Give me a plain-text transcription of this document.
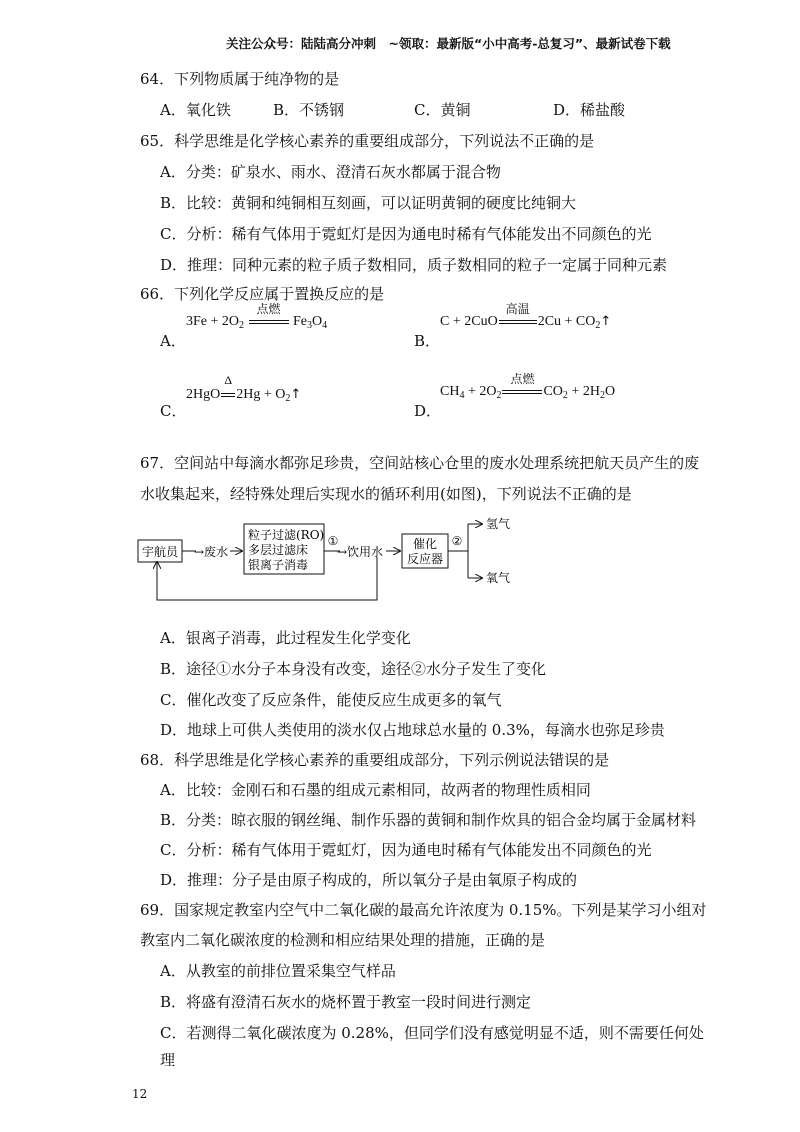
关注公众号：陆陆高分冲刺　~领取：最新版“小中高考-总复习”、最新试卷下载
64．下列物质属于纯净物的是
A．氧化铁	B．不锈钢	C．黄铜	D．稀盐酸
65．科学思维是化学核心素养的重要组成部分，下列说法不正确的是
A．分类：矿泉水、雨水、澄清石灰水都属于混合物
B．比较：黄铜和纯铜相互刻画，可以证明黄铜的硬度比纯铜大
C．分析：稀有气体用于霓虹灯是因为通电时稀有气体能发出不同颜色的光
D．推理：同种元素的粒子质子数相同，质子数相同的粒子一定属于同种元素
66．下列化学反应属于置换反应的是
A．
$3Fe + 2O_2$
点燃
$Fe_3O_4$
B．
C + 2CuO
高温
$2Cu + CO_2↑$
C．
2HgO
Δ
$2Hg + O_2↑$
D．
$CH_4 + 2O_2$
点燃
$CO_2 + 2H_2O$
67．空间站中每滴水都弥足珍贵，空间站核心仓里的废水处理系统把航天员产生的废
水收集起来，经特殊处理后实现水的循环利用(如图)，下列说法不正确的是
宇航员 →废水
粒子过滤(RO)
多层过滤床
银离子消毒
①
→饮用水
催化
反应器
②
氢气
氧气
A．银离子消毒，此过程发生化学变化
B．途径①水分子本身没有改变，途径②水分子发生了变化
C．催化改变了反应条件，能使反应生成更多的氧气
D．地球上可供人类使用的淡水仅占地球总水量的 0.3%，每滴水也弥足珍贵
68．科学思维是化学核心素养的重要组成部分，下列示例说法错误的是
A．比较：金刚石和石墨的组成元素相同，故两者的物理性质相同
B．分类：晾衣服的钢丝绳、制作乐器的黄铜和制作炊具的铝合金均属于金属材料
C．分析：稀有气体用于霓虹灯，因为通电时稀有气体能发出不同颜色的光
D．推理：分子是由原子构成的，所以氧分子是由氧原子构成的
69．国家规定教室内空气中二氧化碳的最高允许浓度为 0.15%。下列是某学习小组对
教室内二氧化碳浓度的检测和相应结果处理的措施，正确的是
A．从教室的前排位置采集空气样品
B．将盛有澄清石灰水的烧杯置于教室一段时间进行测定
C．若测得二氧化碳浓度为 0.28%，但同学们没有感觉明显不适，则不需要任何处
理
12
